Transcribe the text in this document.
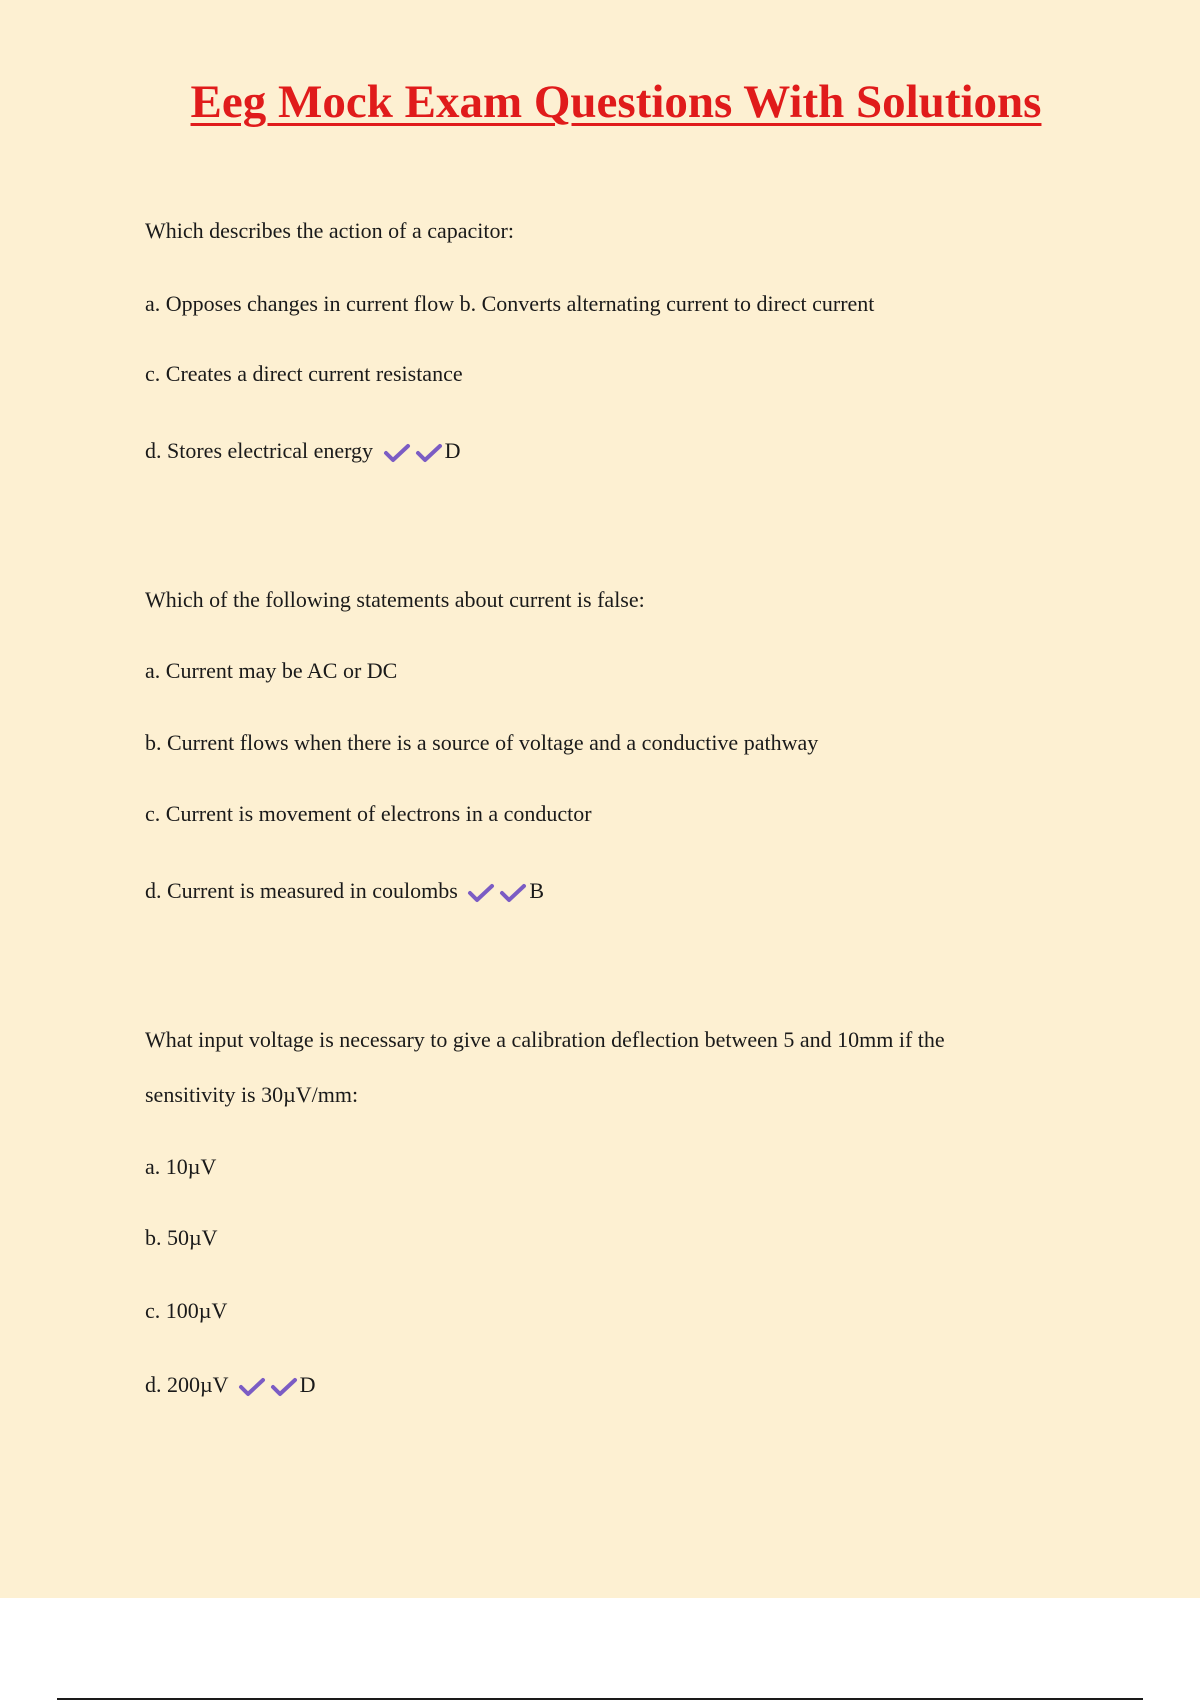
Eeg Mock Exam Questions With Solutions

Which describes the action of a capacitor:

a. Opposes changes in current flow b. Converts alternating current to direct current

c. Creates a direct current resistance

d. Stores electrical energy	D

Which of the following statements about current is false:

a. Current may be AC or DC

b. Current flows when there is a source of voltage and a conductive pathway

c. Current is movement of electrons in a conductor

d. Current is measured in coulombs	B

What input voltage is necessary to give a calibration deflection between 5 and 10mm if the

sensitivity is 30µV/mm:

a. 10µV

b. 50µV

c. 100µV

d. 200µV	D
